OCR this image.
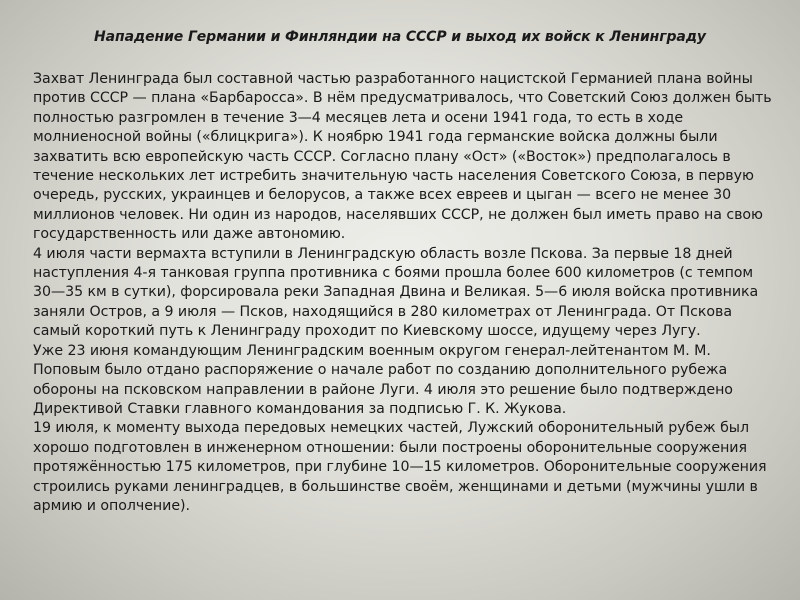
Нападение Германии и Финляндии на СССР и выход их войск к Ленинграду

Захват Ленинграда был составной частью разработанного нацистской Германией плана войны против СССР — плана «Барбаросса». В нём предусматривалось, что Советский Союз должен быть полностью разгромлен в течение 3—4 месяцев лета и осени 1941 года, то есть в ходе молниеносной войны («блицкрига»). К ноябрю 1941 года германские войска должны были захватить всю европейскую часть СССР. Согласно плану «Ост» («Восток») предполагалось в течение нескольких лет истребить значительную часть населения Советского Союза, в первую очередь, русских, украинцев и белорусов, а также всех евреев и цыган — всего не менее 30 миллионов человек. Ни один из народов, населявших СССР, не должен был иметь право на свою государственность или даже автономию.

4 июля части вермахта вступили в Ленинградскую область возле Пскова. За первые 18 дней наступления 4-я танковая группа противника с боями прошла более 600 километров (с темпом 30—35 км в сутки), форсировала реки Западная Двина и Великая. 5—6 июля войска противника заняли Остров, а 9 июля — Псков, находящийся в 280 километрах от Ленинграда. От Пскова самый короткий путь к Ленинграду проходит по Киевскому шоссе, идущему через Лугу.

Уже 23 июня командующим Ленинградским военным округом генерал-лейтенантом М. М. Поповым было отдано распоряжение о начале работ по созданию дополнительного рубежа обороны на псковском направлении в районе Луги. 4 июля это решение было подтверждено Директивой Ставки главного командования за подписью Г. К. Жукова.

19 июля, к моменту выхода передовых немецких частей, Лужский оборонительный рубеж был хорошо подготовлен в инженерном отношении: были построены оборонительные сооружения протяжённостью 175 километров, при глубине 10—15 километров. Оборонительные сооружения строились руками ленинградцев, в большинстве своём, женщинами и детьми (мужчины ушли в армию и ополчение).
